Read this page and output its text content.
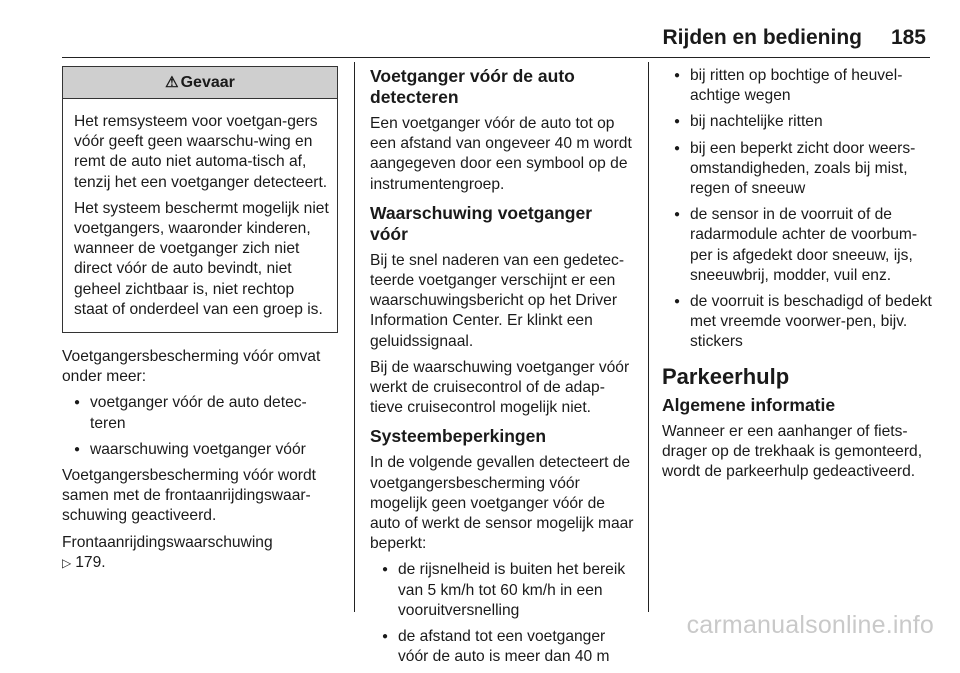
Rijden en bediening 185
⚠ Gevaar

Het remsysteem voor voetgan-gers vóór geeft geen waarschu-wing en remt de auto niet automa-tisch af, tenzij het een voetganger detecteert.

Het systeem beschermt mogelijk niet voetgangers, waaronder kinderen, wanneer de voetganger zich niet direct vóór de auto bevindt, niet geheel zichtbaar is, niet rechtop staat of onderdeel van een groep is.

Voetgangersbescherming vóór omvat onder meer:

● voetganger vóór de auto detec-teren
● waarschuwing voetganger vóór

Voetgangersbescherming vóór wordt samen met de frontaanrijdingswaar-schuwing geactiveerd.

Frontaanrijdingswaarschuwing
▷ 179.
Voetganger vóór de auto detecteren

Een voetganger vóór de auto tot op een afstand van ongeveer 40 m wordt aangegeven door een symbool op de instrumentengroep.

Waarschuwing voetganger vóór

Bij te snel naderen van een gedetec-teerde voetganger verschijnt er een waarschuwingsbericht op het Driver Information Center. Er klinkt een geluidssignaal.

Bij de waarschuwing voetganger vóór werkt de cruisecontrol of de adap-tieve cruisecontrol mogelijk niet.

Systeembeperkingen

In de volgende gevallen detecteert de voetgangersbescherming vóór mogelijk geen voetganger vóór de auto of werkt de sensor mogelijk maar beperkt:

● de rijsnelheid is buiten het bereik van 5 km/h tot 60 km/h in een vooruitversnelling
● de afstand tot een voetganger vóór de auto is meer dan 40 m
● bij ritten op bochtige of heuvel-achtige wegen
● bij nachtelijke ritten
● bij een beperkt zicht door weers-omstandigheden, zoals bij mist, regen of sneeuw
● de sensor in de voorruit of de radarmodule achter de voorbum-per is afgedekt door sneeuw, ijs, sneeuwbrij, modder, vuil enz.
● de voorruit is beschadigd of bedekt met vreemde voorwer-pen, bijv. stickers
Parkeerhulp
Algemene informatie

Wanneer er een aanhanger of fiets-drager op de trekhaak is gemonteerd, wordt de parkeerhulp gedeactiveerd.

carmanualsonline.info
